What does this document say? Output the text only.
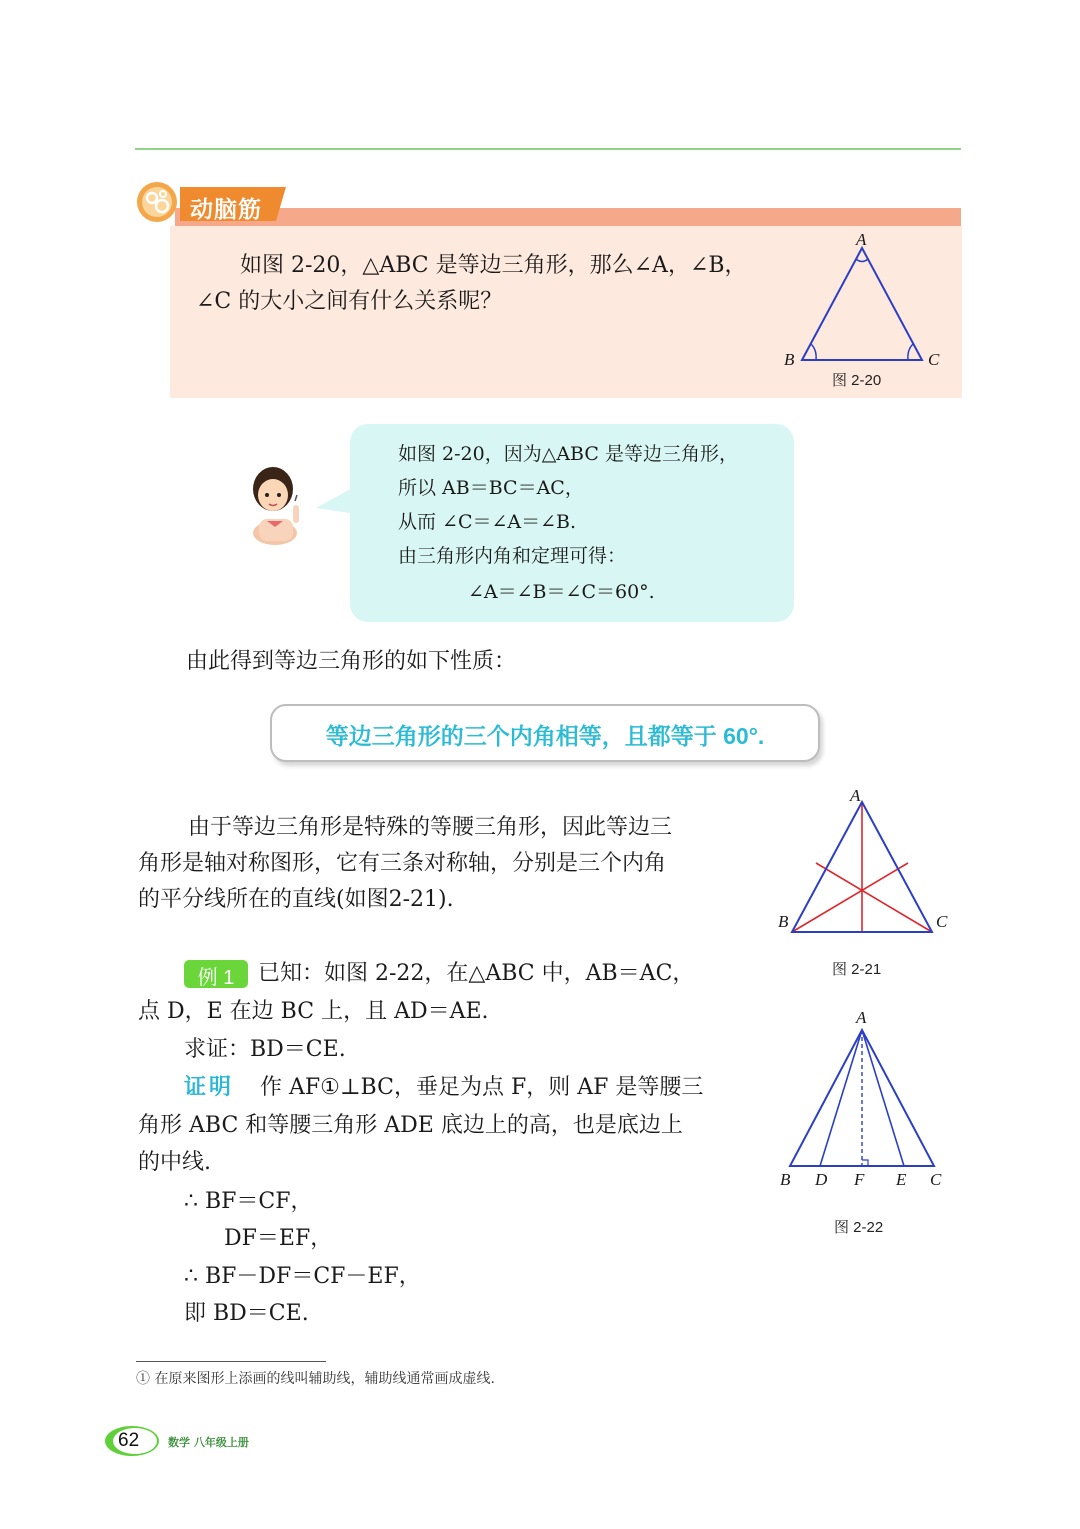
动脑筋
如图 2-20，△ABC 是等边三角形，那么∠A，∠B，
∠C 的大小之间有什么关系呢？
A
B	C
图 2-20
如图 2-20，因为△ABC 是等边三角形，
所以 AB＝BC＝AC，
从而 ∠C＝∠A＝∠B.
由三角形内角和定理可得：
∠A＝∠B＝∠C＝60°.
由此得到等边三角形的如下性质：
等边三角形的三个内角相等，且都等于 60°.
由于等边三角形是特殊的等腰三角形，因此等边三
角形是轴对称图形，它有三条对称轴，分别是三个内角
的平分线所在的直线(如图2-21).
A
B	C
图 2-21
例 1	已知：如图 2-22，在△ABC 中，AB＝AC，
点 D，E 在边 BC 上，且 AD＝AE.
求证：BD＝CE.
证明 作 AF①⊥BC，垂足为点 F，则 AF 是等腰三
角形 ABC 和等腰三角形 ADE 底边上的高，也是底边上
的中线.
∴ BF＝CF，
DF＝EF，
∴ BF－DF＝CF－EF，
即 BD＝CE.
A
B D F E C
图 2-22
① 在原来图形上添画的线叫辅助线，辅助线通常画成虚线.
62	数学 八年级上册
